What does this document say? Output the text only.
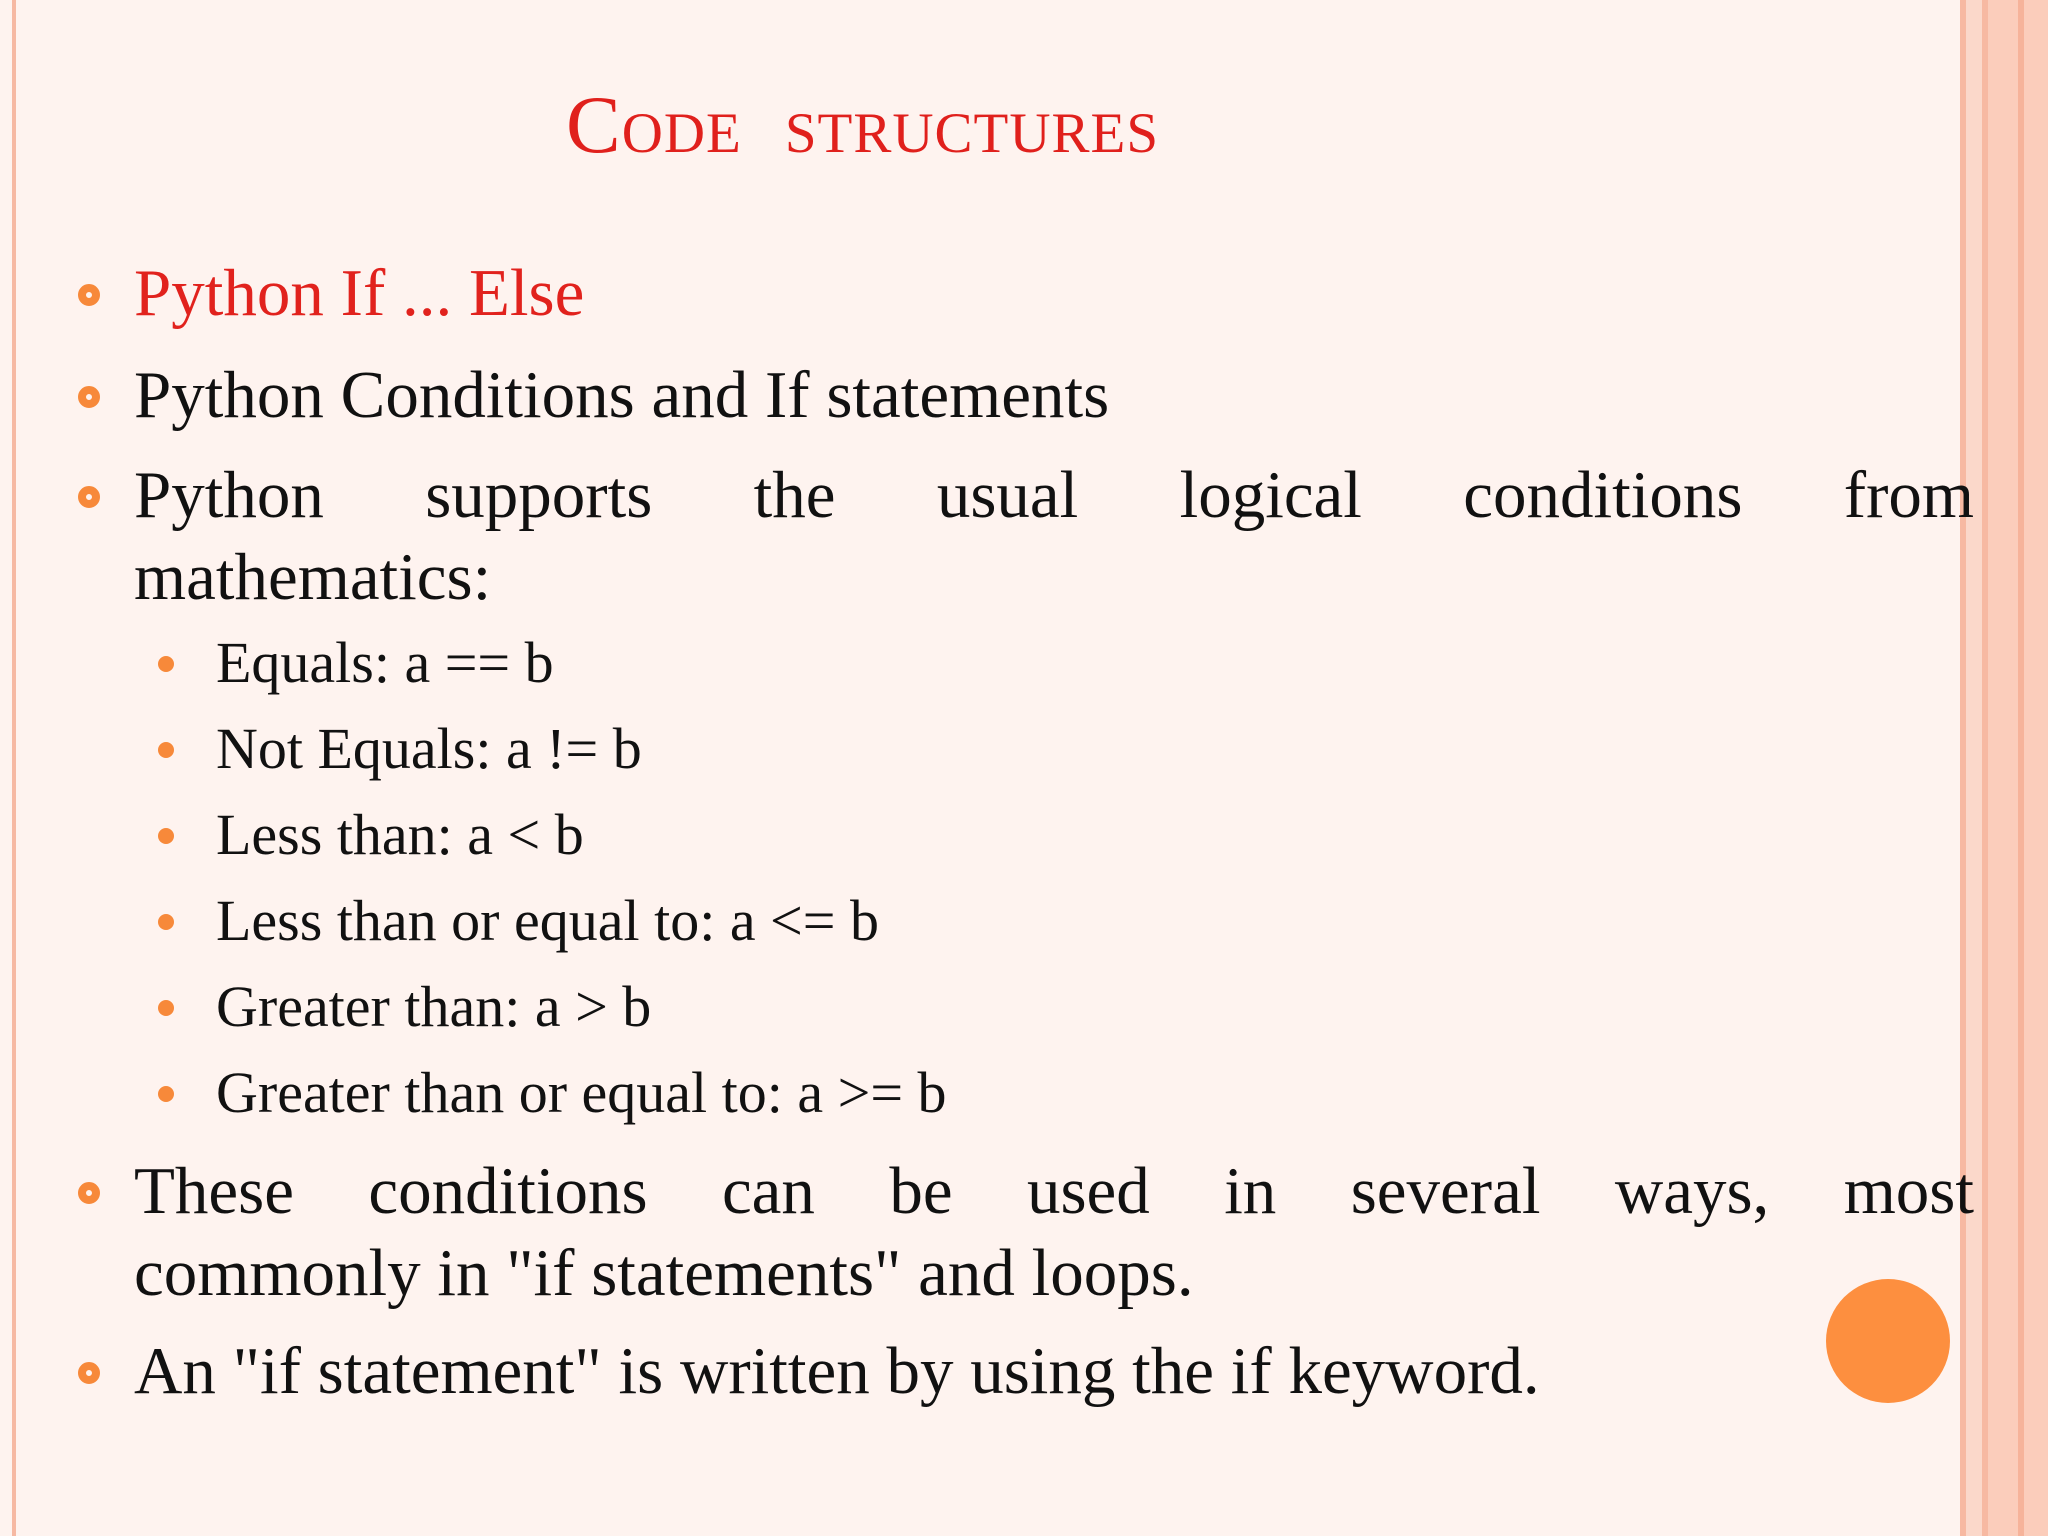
Code  structures
Python If ... Else
Python Conditions and If statements
Python supports the usual logical conditions from
mathematics:
Equals: a == b
Not Equals: a != b
Less than: a < b
Less than or equal to: a <= b
Greater than: a > b
Greater than or equal to: a >= b
These conditions can be used in several ways, most
commonly in "if statements" and loops.
An "if statement" is written by using the if keyword.
